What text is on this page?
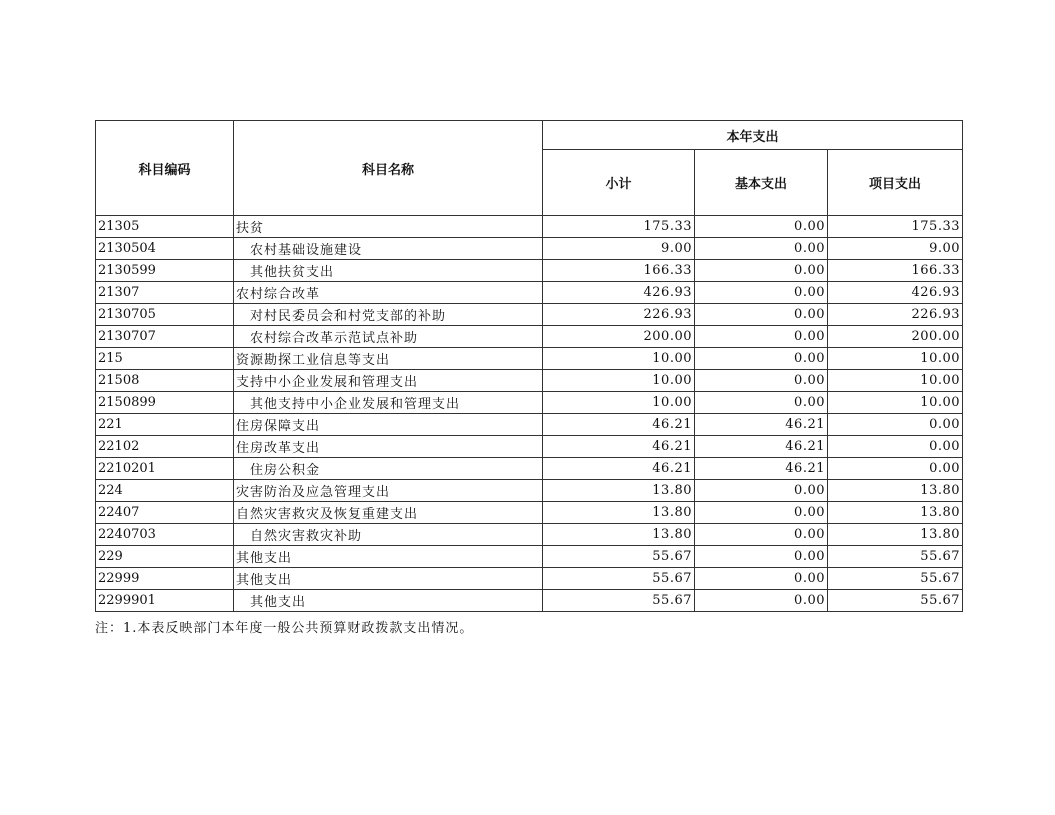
科目编码	科目名称	本年支出		
		小计	基本支出	项目支出
21305	扶贫	175.33	0.00	175.33
2130504	农村基础设施建设	9.00	0.00	9.00
2130599	其他扶贫支出	166.33	0.00	166.33
21307	农村综合改革	426.93	0.00	426.93
2130705	对村民委员会和村党支部的补助	226.93	0.00	226.93
2130707	农村综合改革示范试点补助	200.00	0.00	200.00
215	资源勘探工业信息等支出	10.00	0.00	10.00
21508	支持中小企业发展和管理支出	10.00	0.00	10.00
2150899	其他支持中小企业发展和管理支出	10.00	0.00	10.00
221	住房保障支出	46.21	46.21	0.00
22102	住房改革支出	46.21	46.21	0.00
2210201	住房公积金	46.21	46.21	0.00
224	灾害防治及应急管理支出	13.80	0.00	13.80
22407	自然灾害救灾及恢复重建支出	13.80	0.00	13.80
2240703	自然灾害救灾补助	13.80	0.00	13.80
229	其他支出	55.67	0.00	55.67
22999	其他支出	55.67	0.00	55.67
2299901	其他支出	55.67	0.00	55.67
注：1.本表反映部门本年度一般公共预算财政拨款支出情况。
